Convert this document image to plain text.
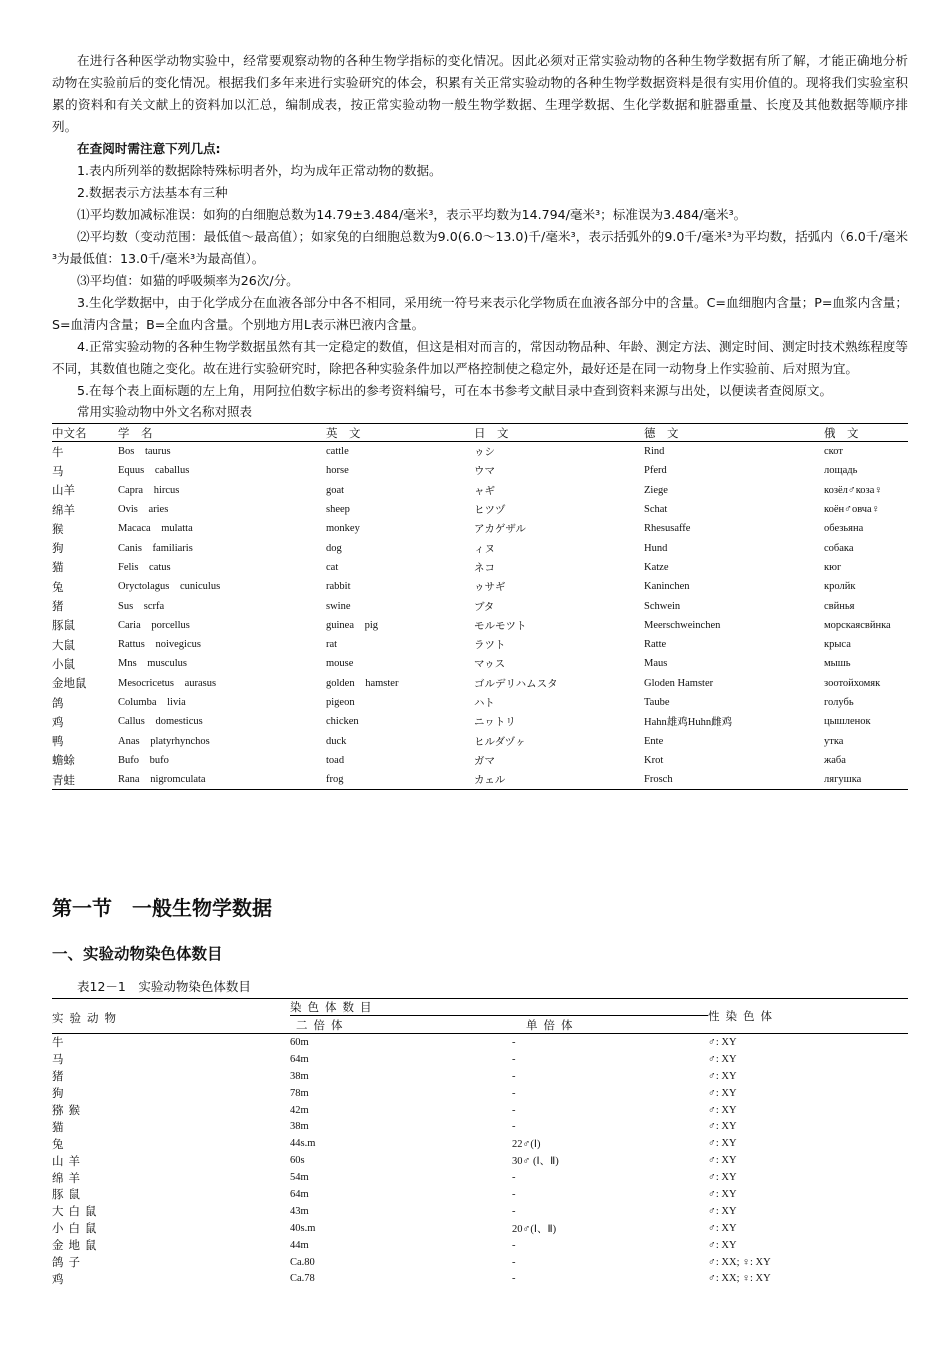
在进行各种医学动物实验中，经常要观察动物的各种生物学指标的变化情况。因此必须对正常实验动物的各种生物学数据有所了解，才能正确地分析动物在实验前后的变化情况。根据我们多年来进行实验研究的体会，积累有关正常实验动物的各种生物学数据资料是很有实用价值的。现将我们实验室积累的资料和有关文献上的资料加以汇总，编制成表，按正常实验动物一般生物学数据、生理学数据、生化学数据和脏器重量、长度及其他数据等顺序排列。

在查阅时需注意下列几点:

1.表内所列举的数据除特殊标明者外，均为成年正常动物的数据。

2.数据表示方法基本有三种

⑴平均数加减标准误：如狗的白细胞总数为14.79±3.484/毫米³，表示平均数为14.794/毫米³；标准误为3.484/毫米³。

⑵平均数（变动范围：最低值～最高值）；如家兔的白细胞总数为9.0(6.0～13.0)千/毫米³，表示括弧外的9.0千/毫米³为平均数，括弧内（6.0千/毫米³为最低值：13.0千/毫米³为最高值）。

⑶平均值：如猫的呼吸频率为26次/分。

3.生化学数据中，由于化学成分在血液各部分中各不相同，采用统一符号来表示化学物质在血液各部分中的含量。C=血细胞内含量；P=血浆内含量；S=血清内含量；B=全血内含量。个别地方用L表示淋巴液内含量。

4.正常实验动物的各种生物学数据虽然有其一定稳定的数值，但这是相对而言的，常因动物品种、年龄、测定方法、测定时间、测定时技术熟练程度等不同，其数值也随之变化。故在进行实验研究时，除把各种实验条件加以严格控制使之稳定外，最好还是在同一动物身上作实验前、后对照为宜。

5.在每个表上面标题的左上角，用阿拉伯数字标出的参考资料编号，可在本书参考文献目录中查到资料来源与出处，以便读者查阅原文。

常用实验动物中外文名称对照表

中文名	学　名	英　文	日　文	德　文	俄　文
牛	Bos taurus	cattle	ゥシ	Rind	скот
马	Equus caballus	horse	ウマ	Pferd	лощадь
山羊	Capra hircus	goat	ャギ	Ziege	козёл♂коза♀
绵羊	Ovis aries	sheep	ヒツヅ	Schat	коён♂овча♀
猴	Macaca mulatta	monkey	アカゲザル	Rhesusaffe	обезьяна
狗	Canis familiaris	dog	ィヌ	Hund	собака
猫	Felis catus	cat	ネコ	Katze	кюг
兔	Oryctolagus cuniculus	rabbit	ゥサギ	Kaninchen	кролйк
猪	Sus scrfa	swine	ブタ	Schwein	свйнья
豚鼠	Caria porcellus	guinea pig	モルモツト	Meerschweinchen	морскаясвйнка
大鼠	Rattus noivegicus	rat	ラツト	Ratte	крыса
小鼠	Mns musculus	mouse	マゥス	Maus	мышь
金地鼠	Mesocricetus aurasus	golden hamster	ゴルデリハムスタ	Gloden Hamster	зоотойхомяк
鸽	Columba livia	pigeon	ハト	Taube	голубь
鸡	Callus domesticus	chicken	ニヮトリ	Hahn雄鸡Huhn雌鸡	цышленок
鸭	Anas platyrhynchos	duck	ヒルダヅヶ	Ente	утка
蟾蜍	Bufo bufo	toad	ガマ	Krot	жаба
青蛙	Rana nigromculata	frog	カェル	Frosch	лягушка
第一节　一般生物学数据
一、实验动物染色体数目

表12－1　实验动物染色体数目

实验动物	染色体数目		性染色体
	二倍体	单倍体	
牛	60m	-	♂: XY
马	64m	-	♂: XY
猪	38m	-	♂: XY
狗	78m	-	♂: XY
猕猴	42m	-	♂: XY
猫	38m	-	♂: XY
兔	44s.m	22♂(Ⅰ)	♂: XY
山羊	60s	30♂ (Ⅰ、Ⅱ)	♂: XY
绵羊	54m	-	♂: XY
豚鼠	64m	-	♂: XY
大白鼠	43m	-	♂: XY
小白鼠	40s.m	20♂(Ⅰ、Ⅱ)	♂: XY
金地鼠	44m	-	♂: XY
鸽子	Ca.80	-	♂: XX; ♀: XY
鸡	Ca.78	-	♂: XX; ♀: XY
